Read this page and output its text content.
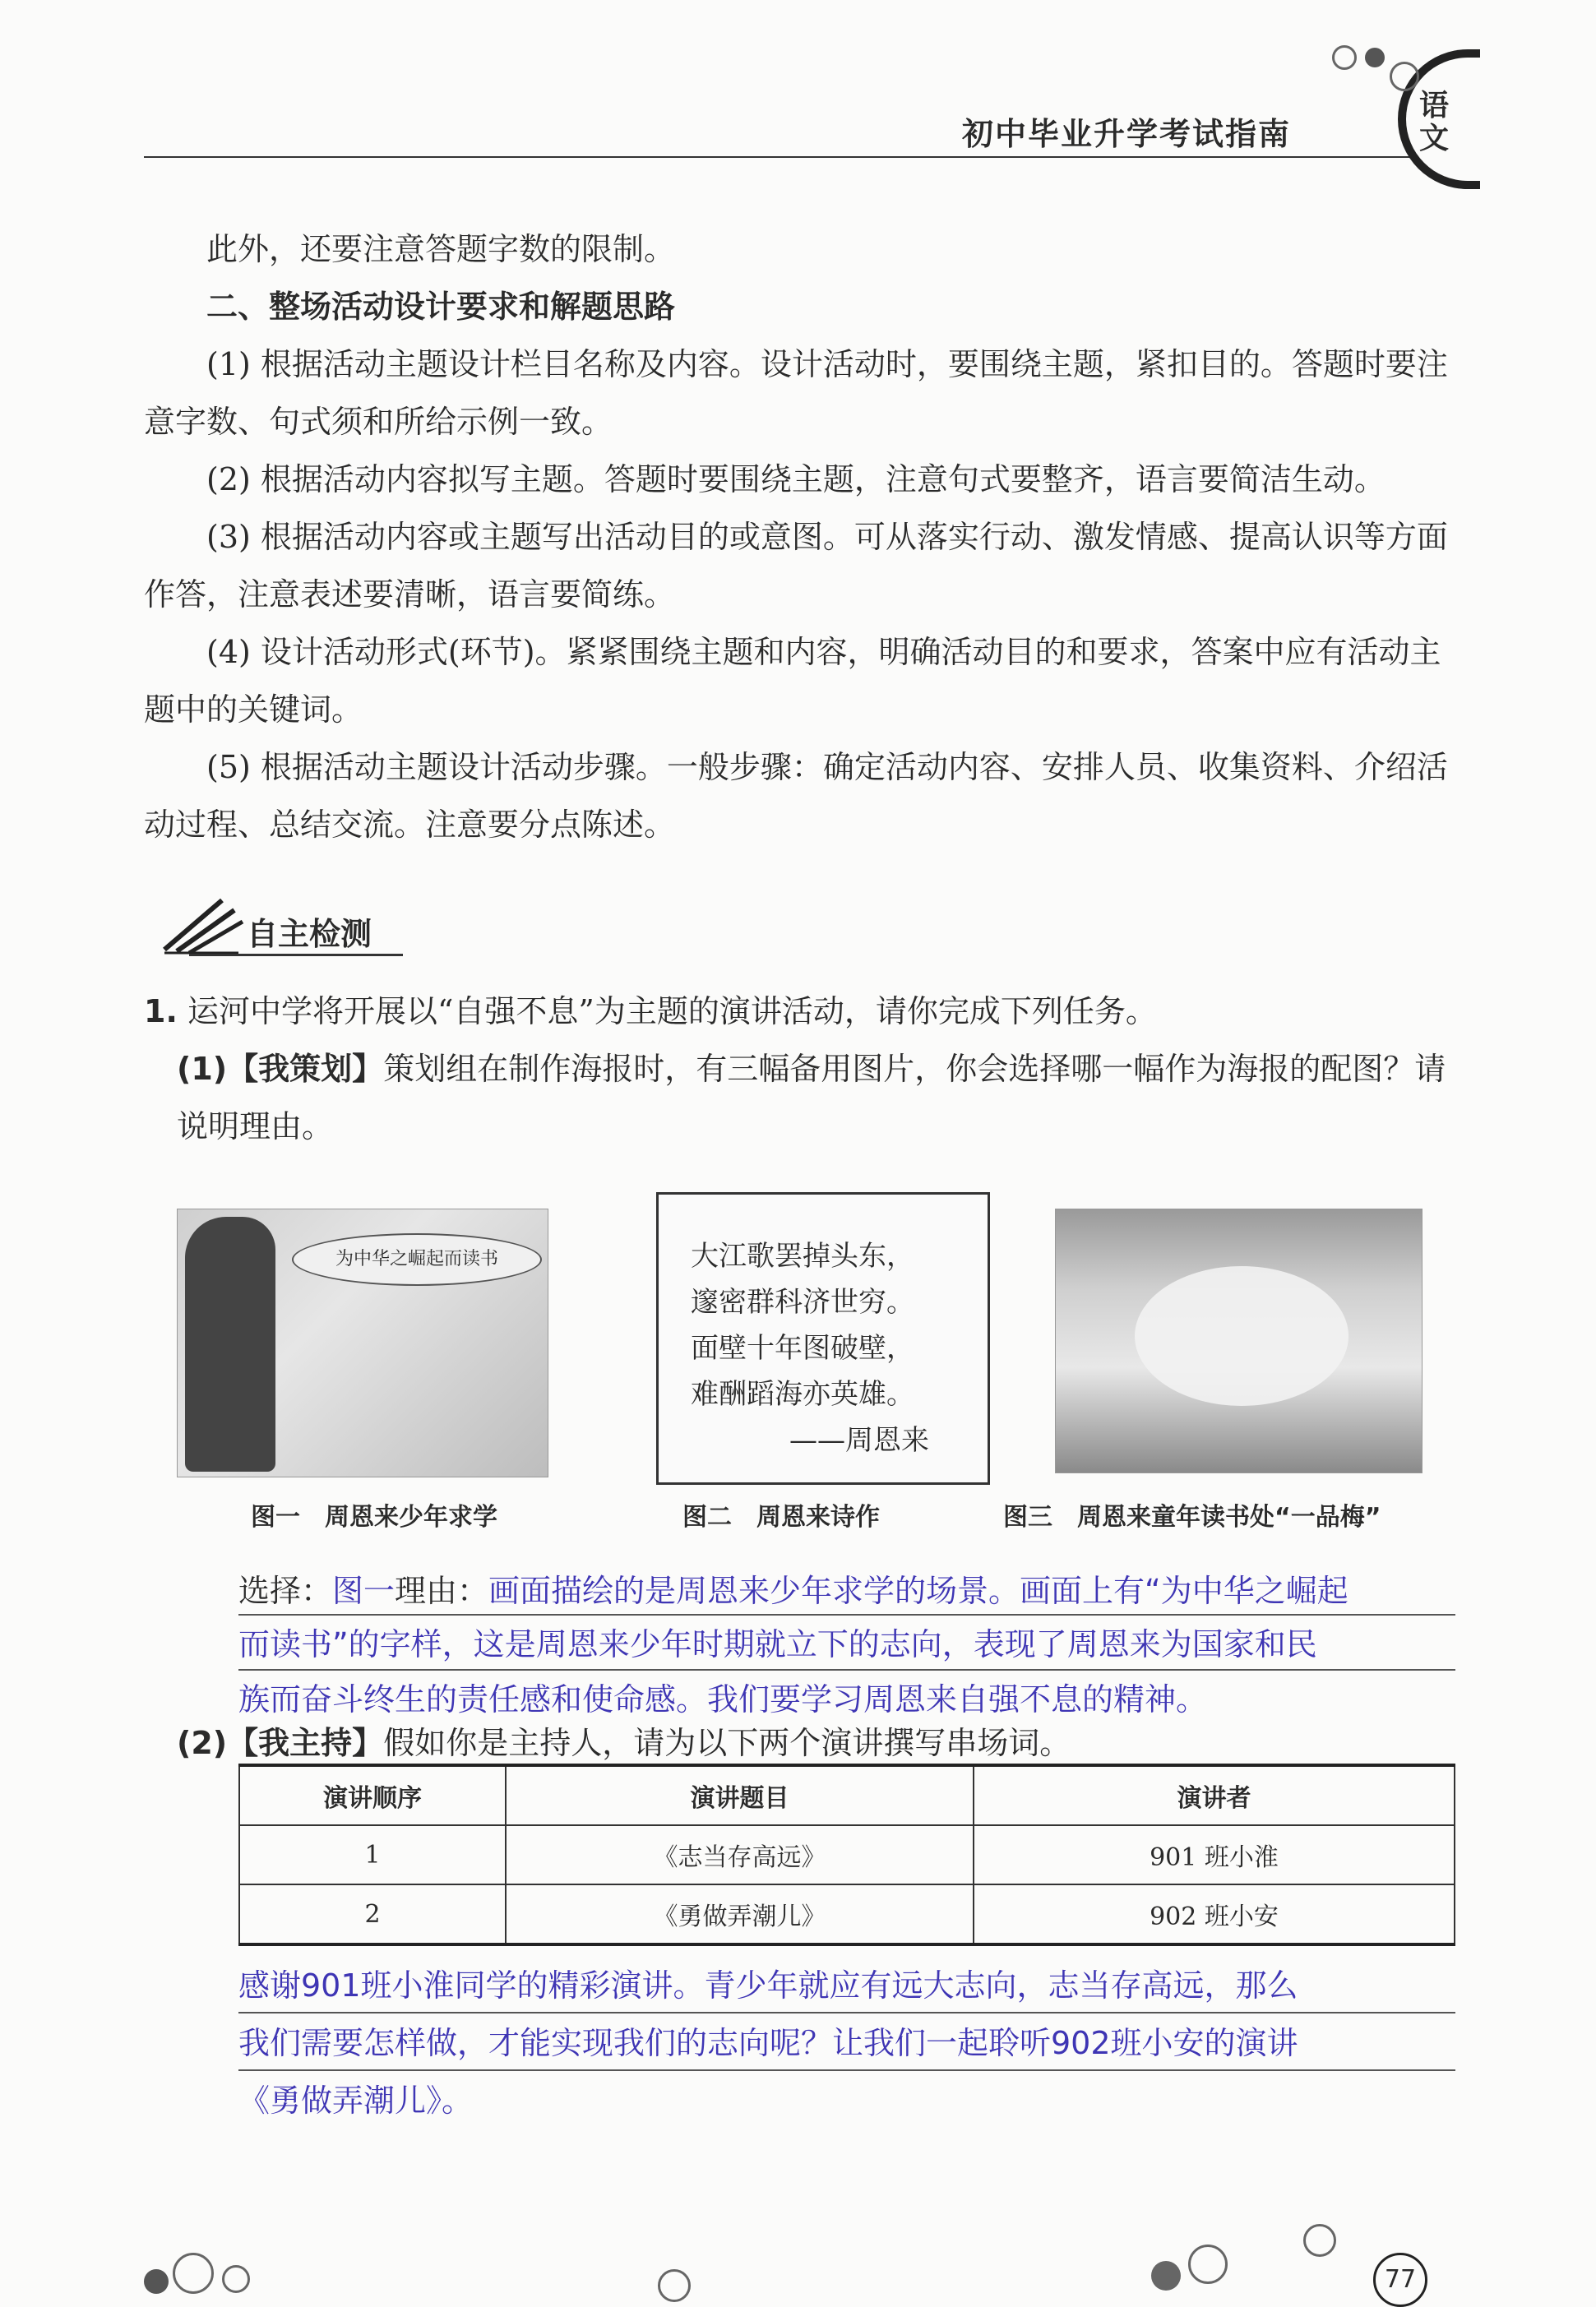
初中毕业升学考试指南
语文
此外，还要注意答题字数的限制。
二、整场活动设计要求和解题思路
(1) 根据活动主题设计栏目名称及内容。设计活动时，要围绕主题，紧扣目的。答题时要注意字数、句式须和所给示例一致。
(2) 根据活动内容拟写主题。答题时要围绕主题，注意句式要整齐，语言要简洁生动。
(3) 根据活动内容或主题写出活动目的或意图。可从落实行动、激发情感、提高认识等方面作答，注意表述要清晰，语言要简练。
(4) 设计活动形式(环节)。紧紧围绕主题和内容，明确活动目的和要求，答案中应有活动主题中的关键词。
(5) 根据活动主题设计活动步骤。一般步骤：确定活动内容、安排人员、收集资料、介绍活动过程、总结交流。注意要分点陈述。
自主检测
1. 运河中学将开展以“自强不息”为主题的演讲活动，请你完成下列任务。
(1)【我策划】策划组在制作海报时，有三幅备用图片，你会选择哪一幅作为海报的配图？请说明理由。
为中华之崛起而读书	大江歌罢掉头东，
邃密群科济世穷。
面壁十年图破壁，
难酬蹈海亦英雄。
——周恩来
图一　周恩来少年求学	图二　周恩来诗作	图三　周恩来童年读书处“一品梅”
选择：图一理由：画面描绘的是周恩来少年求学的场景。画面上有“为中华之崛起
而读书”的字样，这是周恩来少年时期就立下的志向，表现了周恩来为国家和民
族而奋斗终生的责任感和使命感。我们要学习周恩来自强不息的精神。
(2)【我主持】假如你是主持人，请为以下两个演讲撰写串场词。
演讲顺序	演讲题目	演讲者
1	《志当存高远》	901 班小淮
2	《勇做弄潮儿》	902 班小安
感谢901班小淮同学的精彩演讲。青少年就应有远大志向，志当存高远，那么
我们需要怎样做，才能实现我们的志向呢？让我们一起聆听902班小安的演讲
《勇做弄潮儿》。
77
